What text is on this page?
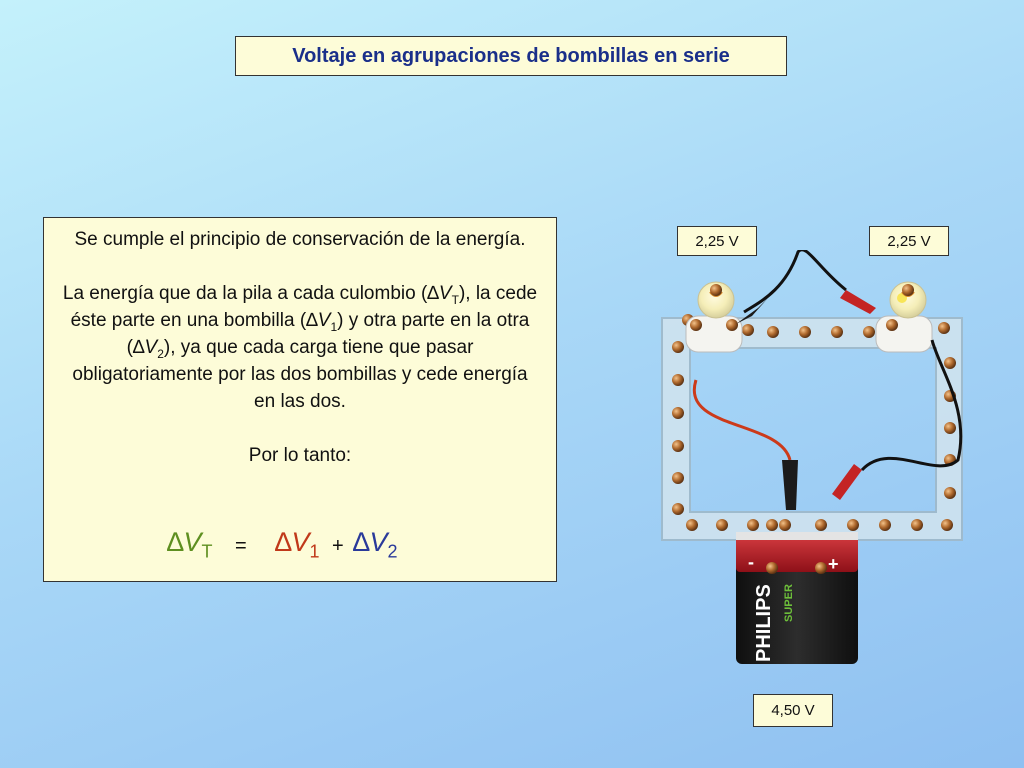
Voltaje en agrupaciones de bombillas en serie

Se cumple el principio de conservación de la energía.

La energía que da la pila a cada culombio $(\Delta V_T)$, la cede éste parte en una bombilla $(\Delta V_1)$ y otra parte en la otra $(\Delta V_2)$, ya que cada carga tiene que pasar obligatoriamente por las dos bombillas y cede energía en las dos.

Por lo tanto:

$\Delta V_T = \Delta V_1 + \Delta V_2$
2,25 V	2,25 V
4,50 V
-	+
PHILIPS SUPER
